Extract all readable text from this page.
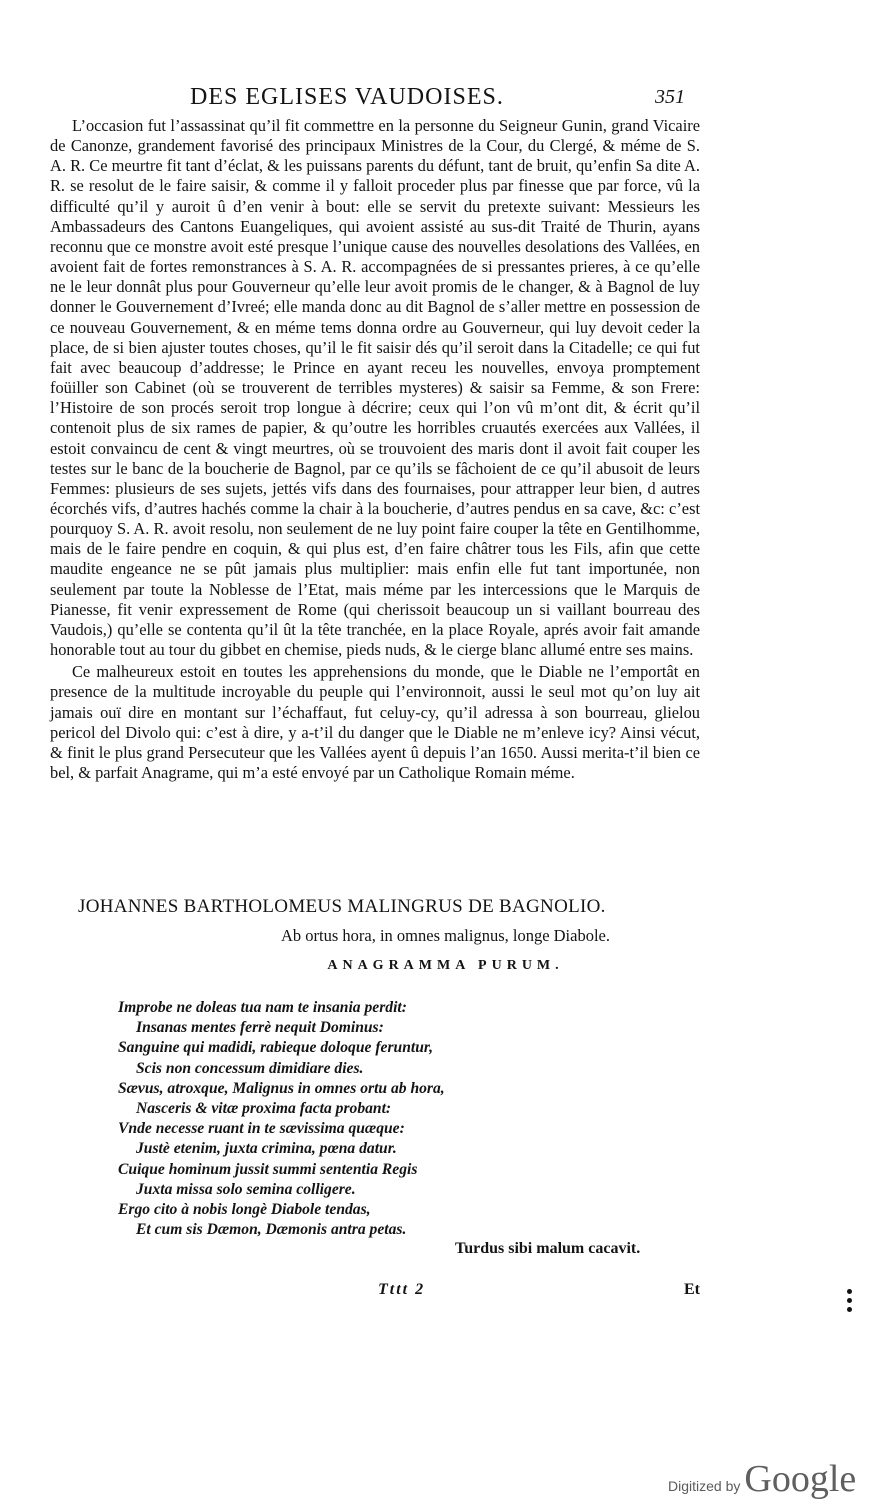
DES EGLISES VAUDOISES.	351

L’occasion fut l’assassinat qu’il fit commettre en la personne du Seigneur Gunin, grand Vicaire de Canonze, grandement favorisé des principaux Ministres de la Cour, du Clergé, & méme de S. A. R. Ce meurtre fit tant d’éclat, & les puissans parents du défunt, tant de bruit, qu’enfin Sa dite A. R. se resolut de le faire saisir, & comme il y falloit proceder plus par finesse que par force, vû la difficulté qu’il y auroit û d’en venir à bout: elle se servit du pretexte suivant: Messieurs les Ambassadeurs des Cantons Euangeliques, qui avoient assisté au sus-dit Traité de Thurin, ayans reconnu que ce monstre avoit esté presque l’unique cause des nouvelles desolations des Vallées, en avoient fait de fortes remonstrances à S. A. R. accompagnées de si pressantes prieres, à ce qu’elle ne le leur donnât plus pour Gouverneur qu’elle leur avoit promis de le changer, & à Bagnol de luy donner le Gouvernement d’Ivreé; elle manda donc au dit Bagnol de s’aller mettre en possession de ce nouveau Gouvernement, & en méme tems donna ordre au Gouverneur, qui luy devoit ceder la place, de si bien ajuster toutes choses, qu’il le fit saisir dés qu’il seroit dans la Citadelle; ce qui fut fait avec beaucoup d’addresse; le Prince en ayant receu les nouvelles, envoya promptement foüiller son Cabinet (où se trouverent de terribles mysteres) & saisir sa Femme, & son Frere: l’Histoire de son procés seroit trop longue à décrire; ceux qui l’on vû m’ont dit, & écrit qu’il contenoit plus de six rames de papier, & qu’outre les horribles cruautés exercées aux Vallées, il estoit convaincu de cent & vingt meurtres, où se trouvoient des maris dont il avoit fait couper les testes sur le banc de la boucherie de Bagnol, par ce qu’ils se fâchoient de ce qu’il abusoit de leurs Femmes: plusieurs de ses sujets, jettés vifs dans des fournaises, pour attrapper leur bien, d autres écorchés vifs, d’autres hachés comme la chair à la boucherie, d’autres pendus en sa cave, &c: c’est pourquoy S. A. R. avoit resolu, non seulement de ne luy point faire couper la tête en Gentilhomme, mais de le faire pendre en coquin, & qui plus est, d’en faire châtrer tous les Fils, afin que cette maudite engeance ne se pût jamais plus multiplier: mais enfin elle fut tant importunée, non seulement par toute la Noblesse de l’Etat, mais méme par les intercessions que le Marquis de Pianesse, fit venir expressement de Rome (qui cherissoit beaucoup un si vaillant bourreau des Vaudois,) qu’elle se contenta qu’il ût la tête tranchée, en la place Royale, aprés avoir fait amande honorable tout au tour du gibbet en chemise, pieds nuds, & le cierge blanc allumé entre ses mains.

Ce malheureux estoit en toutes les apprehensions du monde, que le Diable ne l’emportât en presence de la multitude incroyable du peuple qui l’environnoit, aussi le seul mot qu’on luy ait jamais ouï dire en montant sur l’échaffaut, fut celuy-cy, qu’il adressa à son bourreau, glielou pericol del Divolo qui: c’est à dire, y a-t’il du danger que le Diable ne m’enleve icy? Ainsi vécut, & finit le plus grand Persecuteur que les Vallées ayent û depuis l’an 1650. Aussi merita-t’il bien ce bel, & parfait Anagrame, qui m’a esté envoyé par un Catholique Romain méme.

JOHANNES BARTHOLOMEUS MALINGRUS DE BAGNOLIO.
Ab ortus hora, in omnes malignus, longe Diabole.
ANAGRAMMA PURUM.
Improbe ne doleas tua nam te insania perdit:
Insanas mentes ferrè nequit Dominus:
Sanguine qui madidi, rabieque doloque feruntur,
Scis non concessum dimidiare dies.
Sævus, atroxque, Malignus in omnes ortu ab hora,
Nasceris & vitæ proxima facta probant:
Vnde necesse ruant in te sævissima quæque:
Justè etenim, juxta crimina, pœna datur.
Cuique hominum jussit summi sententia Regis
Juxta missa solo semina colligere.
Ergo cito à nobis longè Diabole tendas,
Et cum sis Dæmon, Dæmonis antra petas.
Turdus sibi malum cacavit.
Tttt 2	Et
Digitized by Google
